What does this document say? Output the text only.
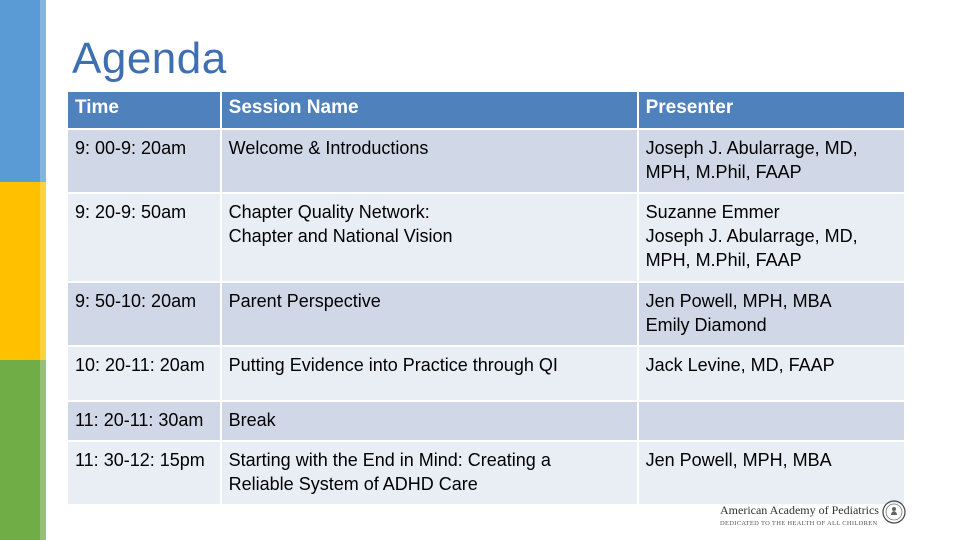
Agenda
Time	Session Name	Presenter
9: 00-9: 20am	Welcome & Introductions	Joseph J. Abularrage, MD,
MPH, M.Phil, FAAP
9: 20-9: 50am	Chapter Quality Network:
Chapter and National Vision	Suzanne Emmer
Joseph J. Abularrage, MD,
MPH, M.Phil, FAAP
9: 50-10: 20am	Parent Perspective	Jen Powell, MPH, MBA
Emily Diamond
10: 20-11: 20am	Putting Evidence into Practice through QI	Jack Levine, MD, FAAP
11: 20-11: 30am	Break	
11: 30-12: 15pm	Starting with the End in Mind: Creating a
Reliable System of ADHD Care	Jen Powell, MPH, MBA
American Academy of Pediatrics
DEDICATED TO THE HEALTH OF ALL CHILDREN
